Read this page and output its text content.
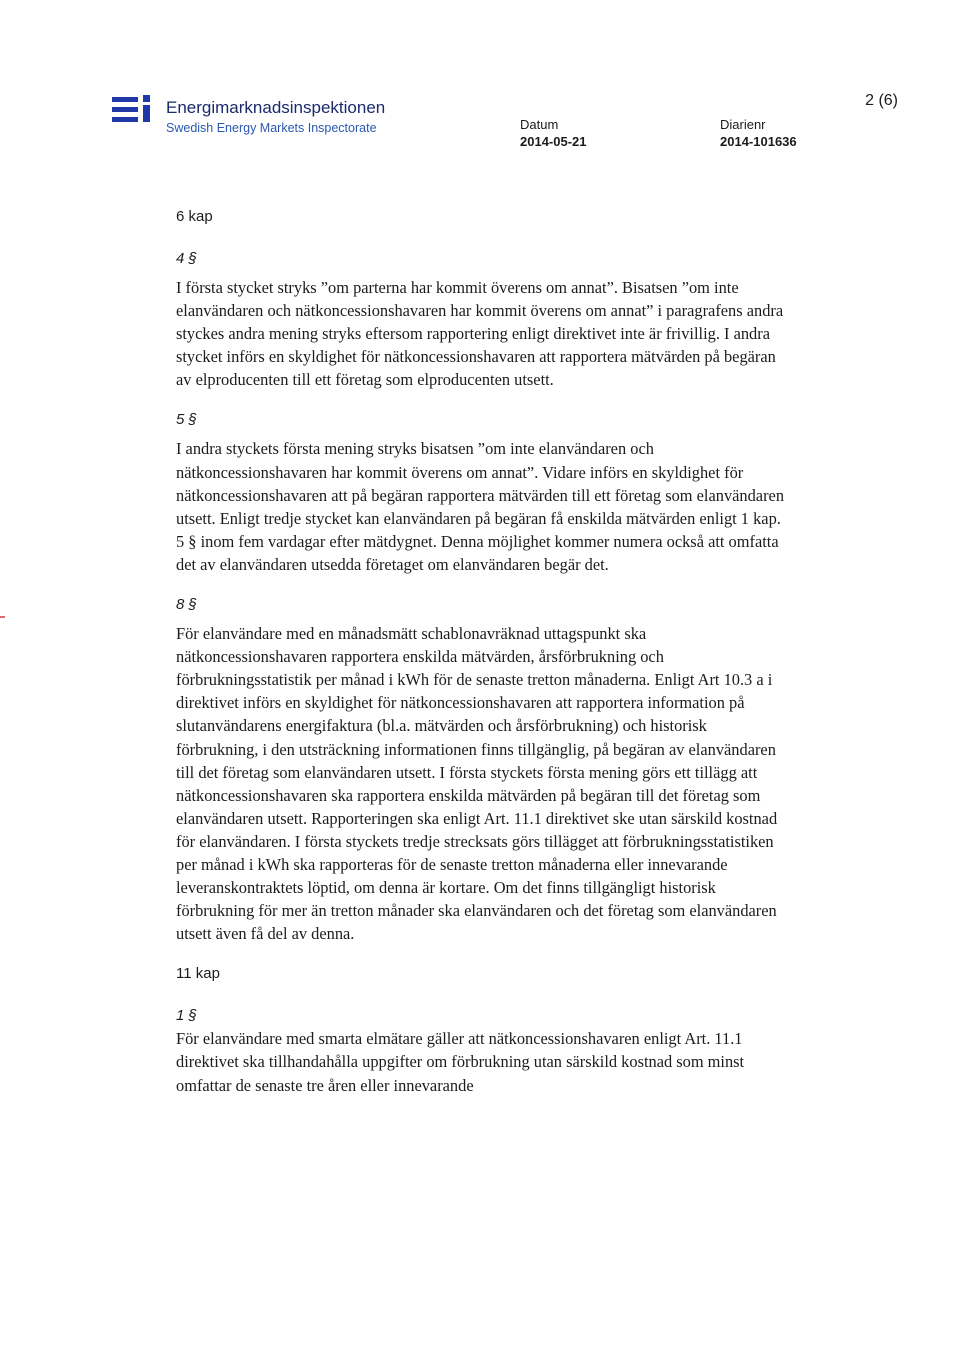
Energimarknadsinspektionen
Swedish Energy Markets Inspectorate	Datum
2014-05-21
Diarienr
2014-101636
2 (6)

6 kap

4 §

I första stycket stryks ”om parterna har kommit överens om annat”. Bisatsen ”om inte elanvändaren och nätkoncessionshavaren har kommit överens om annat” i paragrafens andra styckes andra mening stryks eftersom rapportering enligt direktivet inte är frivillig. I andra stycket införs en skyldighet för nätkoncessionshavaren att rapportera mätvärden på begäran av elproducenten till ett företag som elproducenten utsett.

5 §

I andra styckets första mening stryks bisatsen ”om inte elanvändaren och nätkoncessionshavaren har kommit överens om annat”. Vidare införs en skyldighet för nätkoncessionshavaren att på begäran rapportera mätvärden till ett företag som elanvändaren utsett. Enligt tredje stycket kan elanvändaren på begäran få enskilda mätvärden enligt 1 kap. 5 § inom fem vardagar efter mätdygnet. Denna möjlighet kommer numera också att omfatta det av elanvändaren utsedda företaget om elanvändaren begär det.

8 §

För elanvändare med en månadsmätt schablonavräknad uttagspunkt ska nätkoncessionshavaren rapportera enskilda mätvärden, årsförbrukning och förbrukningsstatistik per månad i kWh för de senaste tretton månaderna. Enligt Art 10.3 a i direktivet införs en skyldighet för nätkoncessionshavaren att rapportera information på slutanvändarens energifaktura (bl.a. mätvärden och årsförbrukning) och historisk förbrukning, i den utsträckning informationen finns tillgänglig, på begäran av elanvändaren till det företag som elanvändaren utsett. I första styckets första mening görs ett tillägg att nätkoncessionshavaren ska rapportera enskilda mätvärden på begäran till det företag som elanvändaren utsett. Rapporteringen ska enligt Art. 11.1 direktivet ske utan särskild kostnad för elanvändaren. I första styckets tredje strecksats görs tillägget att förbrukningsstatistiken per månad i kWh ska rapporteras för de senaste tretton månaderna eller innevarande leveranskontraktets löptid, om denna är kortare. Om det finns tillgängligt historisk förbrukning för mer än tretton månader ska elanvändaren och det företag som elanvändaren utsett även få del av denna.

11 kap

1 §

För elanvändare med smarta elmätare gäller att nätkoncessionshavaren enligt Art. 11.1 direktivet ska tillhandahålla uppgifter om förbrukning utan särskild kostnad som minst omfattar de senaste tre åren eller innevarande
